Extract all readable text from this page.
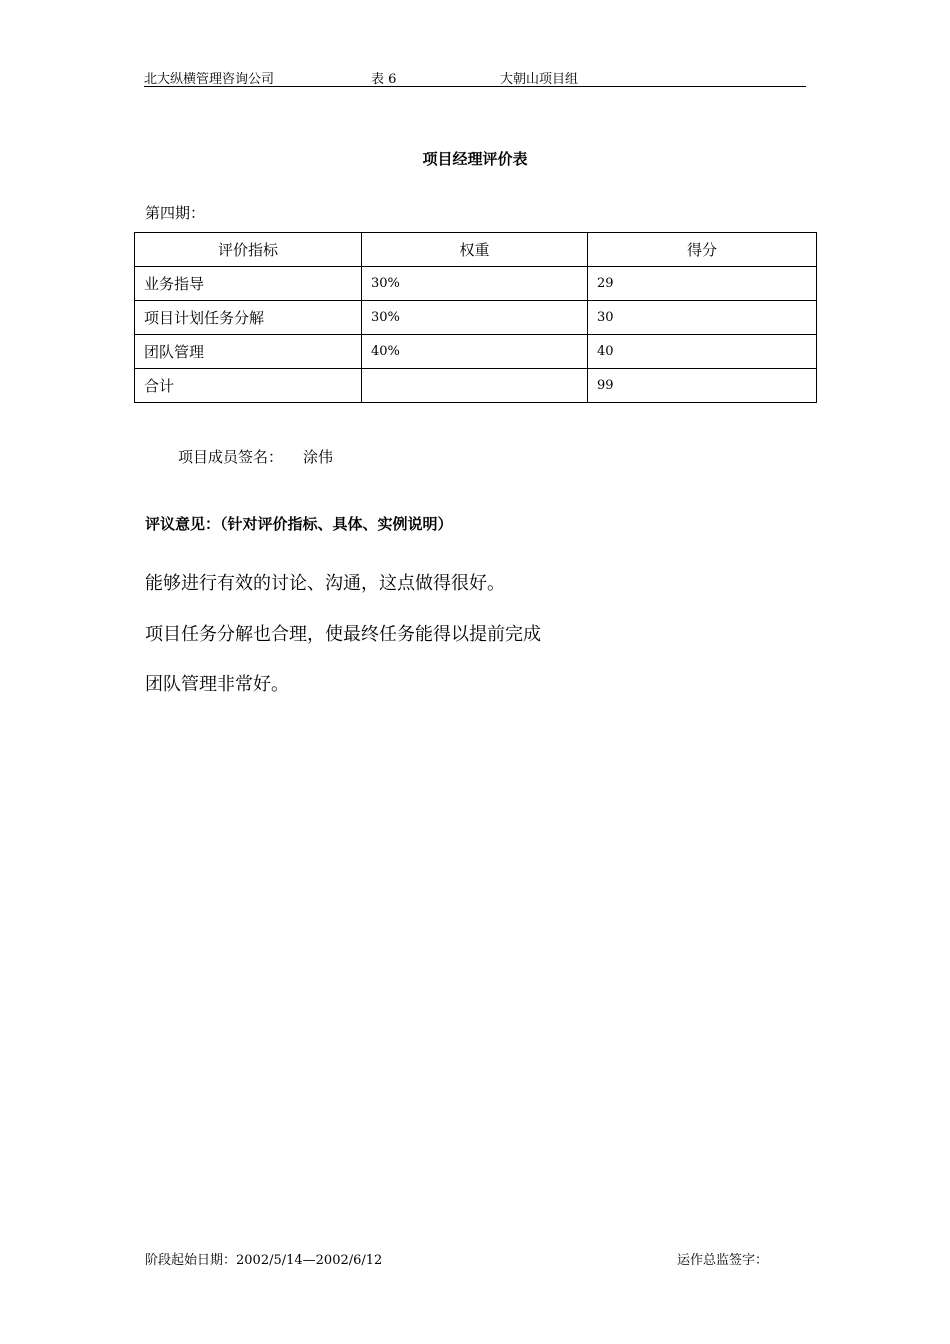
北大纵横管理咨询公司	表 6	大朝山项目组
项目经理评价表
第四期：
评价指标	权重	得分
业务指导	30%	29
项目计划任务分解	30%	30
团队管理	40%	40
合计		99
项目成员签名： 涂伟
评议意见：（针对评价指标、具体、实例说明）
能够进行有效的讨论、沟通，这点做得很好。
项目任务分解也合理，使最终任务能得以提前完成
团队管理非常好。
阶段起始日期：2002/5/14—2002/6/12	运作总监签字：
